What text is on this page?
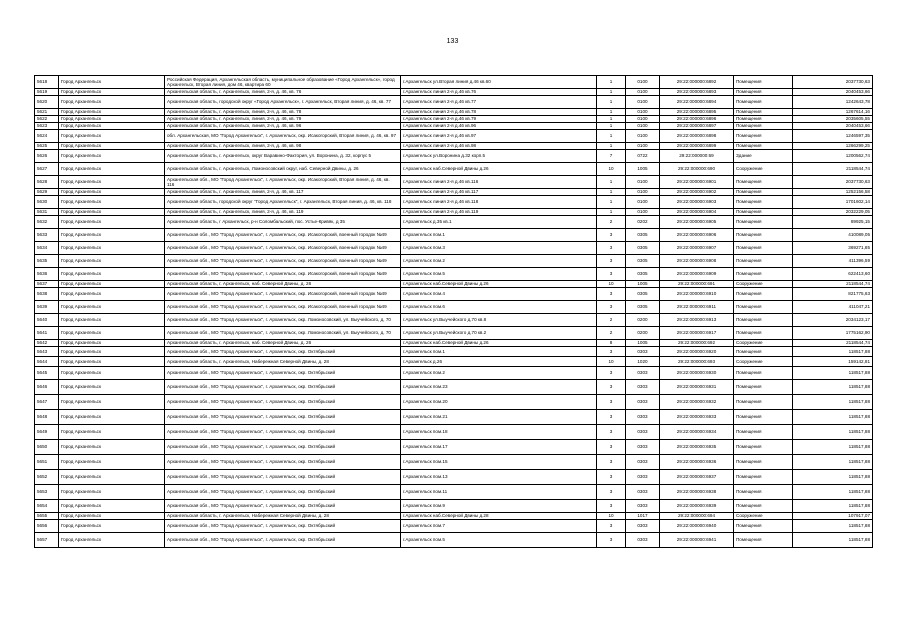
133
5618	Город Архангельск	Российская Федерация, Архангельская область, муниципальное образование «Город Архангельск», город Архангельск, Вторая линия, дом 46, квартира 60	г.Архангельск ул.Вторая линия д.46 кв.60	1	0100	29:22:000000:6892	Помещения	2037730,63
5619	Город Архангельск	Архангельская область, г. Архангельск, линия, 2-я, д. 46, кв. 76	г.Архангельск линия 2-я д.46 кв.76	1	0100	29:22:000000:6893	Помещения	2040453,66
5620	Город Архангельск	Архангельская область, городской округ «Город Архангельск», г. Архангельск, Вторая линия, д. 46, кв. 77	г.Архангельск линия 2-я д.46 кв.77	1	0100	29:22:000000:6894	Помещения	1242643,78
5621	Город Архангельск	Архангельская область, г. Архангельск, линия, 2-я, д. 46, кв. 78	г.Архангельск линия 2-я д.46 кв.78	1	0100	29:22:000000:6895	Помещения	1267614,16
5622	Город Архангельск	Архангельская область, г. Архангельск, линия, 2-я, д. 46, кв. 79	г.Архангельск линия 2-я д.46 кв.79	1	0100	29:22:000000:6896	Помещения	2035605,55
5623	Город Архангельск	Архангельская область, г. Архангельск, линия, 2-я, д. 46, кв. 96	г.Архангельск линия 2-я д.46 кв.96	1	0100	29:22:000000:6897	Помещения	2040453,66
5624	Город Архангельск	обл. Архангельская, МО "Город Архангельск", г. Архангельск, окр. Исакогорский, Вторая линия, д. 46, кв. 97	г.Архангельск линия 2-я д.46 кв.97	1	0100	29:22:000000:6898	Помещения	1246597,35
5625	Город Архангельск	Архангельская область, г. Архангельск, линия, 2-я, д. 46, кв. 98	г.Архангельск линия 2-я д.46 кв.98	1	0100	29:22:000000:6899	Помещения	1266299,25
5626	Город Архангельск	Архангельская область, г. Архангельск, округ Варавино-Фактория, ул. Воронина, д. 32, корпус 5	г.Архангельск ул.Воронина д.32 корп.5	7	0722	29:22:000000:69	Здание	1200562,74
5627	Город Архангельск	Архангельская область, г. Архангельск, Ломоносовский округ, наб. Северной Двины, д. 26	г.Архангельск наб.Северной Двины д.26	10	1005	29:22:000000:690	Сооружение	2118544,74
5628	Город Архангельск	Архангельская обл., МО "Город Архангельск", г. Архангельск, окр. Исакогорский, Вторая линия, д. 46, кв. 116	г.Архангельск линия 2-я д.46 кв.116	1	0100	29:22:000000:6901	Помещения	2037730,63
5629	Город Архангельск	Архангельская область, г. Архангельск, линия, 2-я, д. 46, кв. 117	г.Архангельск линия 2-я д.46 кв.117	1	0100	29:22:000000:6902	Помещения	1252156,58
5630	Город Архангельск	Архангельская область, городской округ "Город Архангельск", г. Архангельск, Вторая линия, д. 46, кв. 118	г.Архангельск линия 2-я д.46 кв.118	1	0100	29:22:000000:6903	Помещения	1701602,14
5631	Город Архангельск	Архангельская область, г. Архангельск, линия, 2-я, д. 46, кв. 119	г.Архангельск линия 2-я д.46 кв.119	1	0100	29:22:000000:6904	Помещения	2032229,05
5632	Город Архангельск	Архангельская область, г Архангельск, р-н Соломбальский, пос. Устье-Кривяк, д 35	г.Архангельск д.35 кв.1	2	0202	29:22:000000:6905	Помещения	89925,15
5633	Город Архангельск	Архангельская обл., МО "Город Архангельск", г. Архангельск, окр. Исакогорский, военный городок №49	г.Архангельск пом.1	3	0305	29:22:000000:6906	Помещения	410089,05
5634	Город Архангельск	Архангельская обл., МО "Город Архангельск", г. Архангельск, окр. Исакогорский, военный городок №49	г.Архангельск пом.3	3	0305	29:22:000000:6907	Помещения	369271,85
5635	Город Архангельск	Архангельская обл., МО "Город Архангельск", г. Архангельск, окр. Исакогорский, военный городок №49	г.Архангельск пом.2	3	0305	29:22:000000:6908	Помещения	411396,59
5636	Город Архангельск	Архангельская обл., МО "Город Архангельск", г. Архангельск, окр. Исакогорский, военный городок №49	г.Архангельск пом.5	3	0305	29:22:000000:6909	Помещения	622413,60
5637	Город Архангельск	Архангельская область, г. Архангельск, наб. Северной Двины, д. 26	г.Архангельск наб.Северной Двины д.26	10	1005	29:22:000000:691	Сооружение	2118544,74
5638	Город Архангельск	Архангельская обл., МО "Город Архангельск", г. Архангельск, окр. Исакогорский, военный городок №49	г.Архангельск пом.4	3	0305	29:22:000000:6910	Помещения	821775,63
5639	Город Архангельск	Архангельская обл., МО "Город Архангельск", г. Архангельск, окр. Исакогорский, военный городок №49	г.Архангельск пом.6	3	0305	29:22:000000:6911	Помещения	411047,21
5640	Город Архангельск	Архангельская обл., МО "Город Архангельск", г. Архангельск, окр. Ломоносовский, ул. Выучейского, д. 70	г.Архангельск ул.Выучейского д.70 кв.8	2	0200	29:22:000000:6913	Помещения	2034123,17
5641	Город Архангельск	Архангельская обл., МО "Город Архангельск", г. Архангельск, окр. Ломоносовский, ул. Выучейского, д. 70	г.Архангельск ул.Выучейского д.70 кв.2	2	0200	29:22:000000:6917	Помещения	1775162,90
5642	Город Архангельск	Архангельская область, г. Архангельск, наб. Северной Двины, д. 26	г.Архангельск наб.Северной Двины д.26	8	1005	29:22:000000:692	Сооружение	2118544,74
5643	Город Архангельск	Архангельская обл., МО "Город Архангельск", г. Архангельск, окр. Октябрьский	г.Архангельск пом.1	3	0303	29:22:000000:6920	Помещения	118517,88
5644	Город Архангельск	Архангельская область, г. Архангельск, Набережная Северной Двины, д. 28	г.Архангельск д.26	10	1020	29:22:000000:693	Сооружение	159142,81
5645	Город Архангельск	Архангельская обл., МО "Город Архангельск", г. Архангельск, окр. Октябрьский	г.Архангельск пом.2	3	0303	29:22:000000:6930	Помещения	118517,88
5646	Город Архангельск	Архангельская обл., МО "Город Архангельск", г. Архангельск, окр. Октябрьский	г.Архангельск пом.23	3	0303	29:22:000000:6931	Помещения	118517,88
5647	Город Архангельск	Архангельская обл., МО "Город Архангельск", г. Архангельск, окр. Октябрьский	г.Архангельск пом.20	3	0303	29:22:000000:6932	Помещения	118517,88
5648	Город Архангельск	Архангельская обл., МО "Город Архангельск", г. Архангельск, окр. Октябрьский	г.Архангельск пом.21	3	0303	29:22:000000:6933	Помещения	118517,88
5649	Город Архангельск	Архангельская обл., МО "Город Архангельск", г. Архангельск, окр. Октябрьский	г.Архангельск пом.18	3	0303	29:22:000000:6934	Помещения	118517,88
5650	Город Архангельск	Архангельская обл., МО "Город Архангельск", г. Архангельск, окр. Октябрьский	г.Архангельск пом.17	3	0303	29:22:000000:6935	Помещения	118517,88
5651	Город Архангельск	Архангельская обл., МО "Город Архангельск", г. Архангельск, окр. Октябрьский	г.Архангельск пом.15	3	0303	29:22:000000:6936	Помещения	118517,88
5652	Город Архангельск	Архангельская обл., МО "Город Архангельск", г. Архангельск, окр. Октябрьский	г.Архангельск пом.13	3	0303	29:22:000000:6937	Помещения	118517,88
5653	Город Архангельск	Архангельская обл., МО "Город Архангельск", г. Архангельск, окр. Октябрьский	г.Архангельск пом.11	3	0303	29:22:000000:6938	Помещения	118517,88
5654	Город Архангельск	Архангельская обл., МО "Город Архангельск", г. Архангельск, окр. Октябрьский	г.Архангельск пом.9	3	0303	29:22:000000:6939	Помещения	118517,88
5655	Город Архангельск	Архангельская область, г. Архангельск, Набережная Северной Двины, д. 28	г.Архангельск наб.Северной Двины д.28	10	1017	29:22:000000:694	Сооружение	107917,07
5656	Город Архангельск	Архангельская обл., МО "Город Архангельск", г. Архангельск, окр. Октябрьский	г.Архангельск пом.7	3	0303	29:22:000000:6940	Помещения	118517,88
5657	Город Архангельск	Архангельская обл., МО "Город Архангельск", г. Архангельск, окр. Октябрьский	г.Архангельск пом.5	3	0303	29:22:000000:6941	Помещения	118517,88
